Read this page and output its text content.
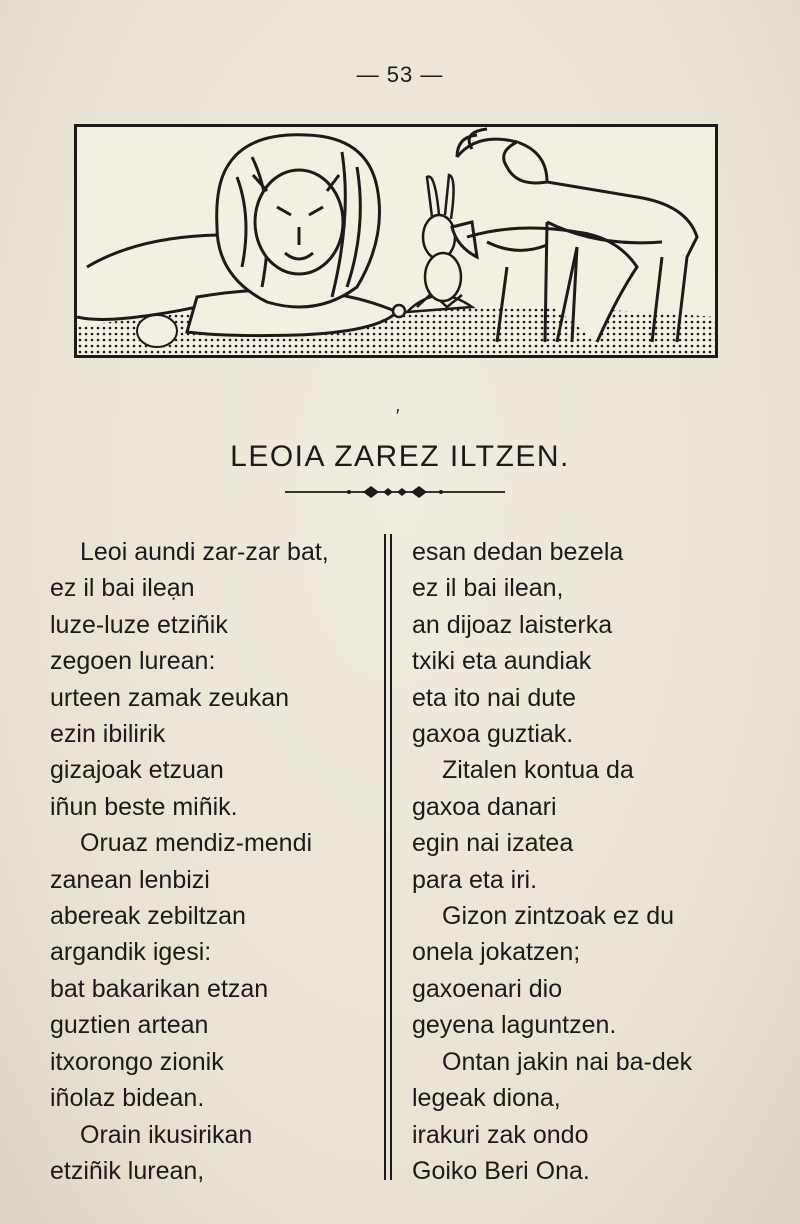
— 53 —
′
LEOIA ZAREZ ILTZEN.
Leoi aundi zar-zar bat,
ez il bai ileạn
luze-luze etziñik
zegoen lurean:
urteen zamak zeukan
ezin ibilirik
gizajoak etzuan
iñun beste miñik.
Oruaz mendiz-mendi
zanean lenbizi
abereak zebiltzan
argandik igesi:
bat bakarikan etzan
guztien artean
itxorongo zionik
iñolaz bidean.
Orain ikusirikan
etziñik lurean,
esan dedan bezela
ez il bai ilean,
an dijoaz laisterka
txiki eta aundiak
eta ito nai dute
gaxoa guztiak.
Zitalen kontua da
gaxoa danari
egin nai izatea
para eta iri.
Gizon zintzoak ez du
onela jokatzen;
gaxoenari dio
geyena laguntzen.
Ontan jakin nai ba-dek
legeak diona,
irakuri zak ondo
Goiko Beri Ona.
